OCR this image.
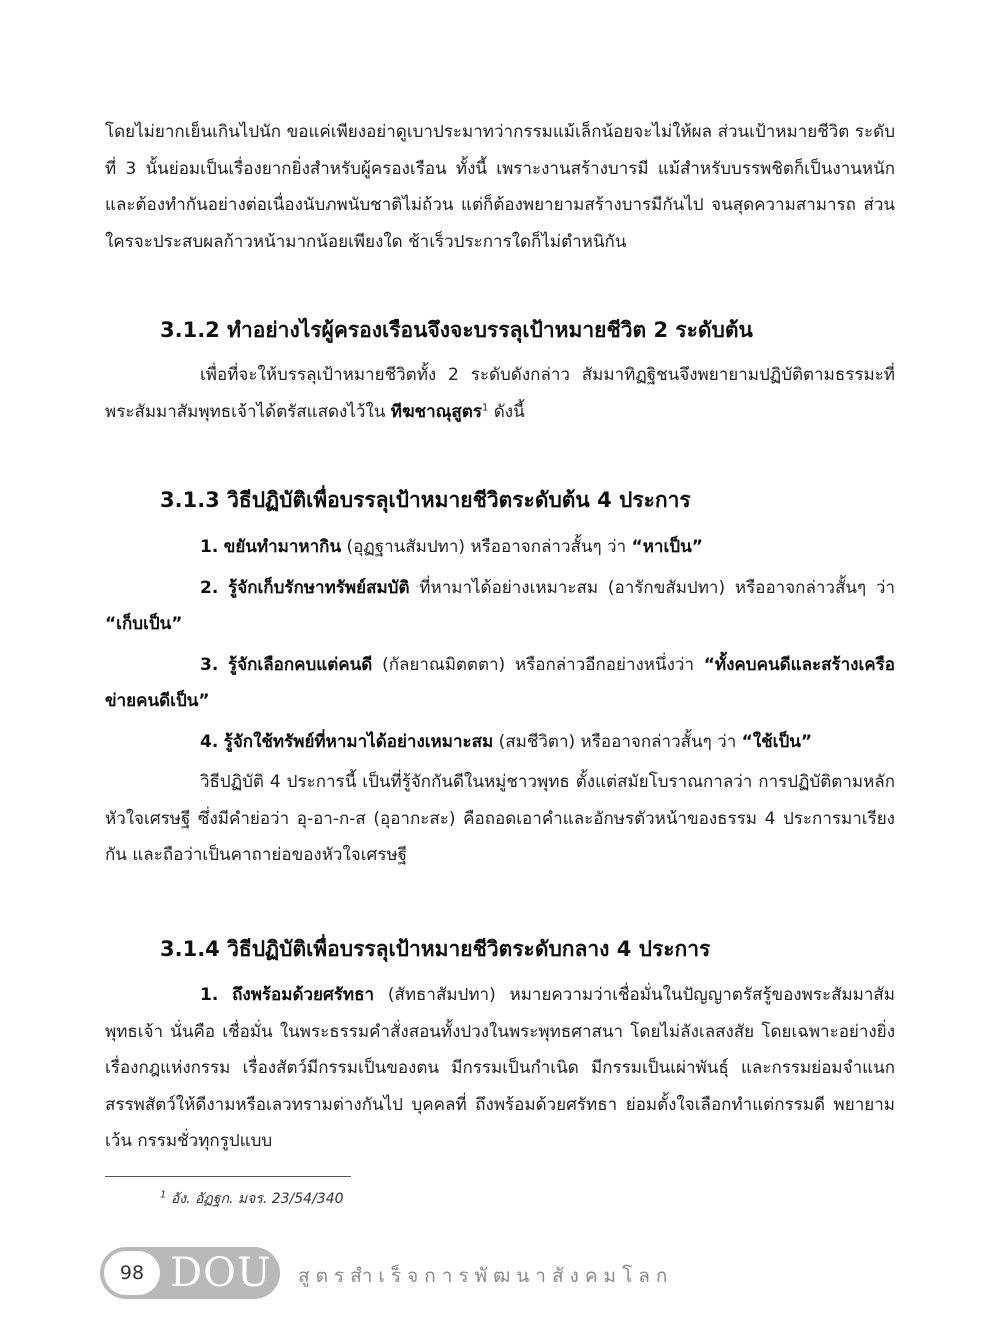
โดยไม่ยากเย็นเกินไปนัก ขอแค่เพียงอย่าดูเบาประมาทว่ากรรมแม้เล็กน้อยจะไม่ให้ผล ส่วนเป้าหมายชีวิต ระดับที่ 3 นั้นย่อมเป็นเรื่องยากยิ่งสำหรับผู้ครองเรือน ทั้งนี้ เพราะงานสร้างบารมี แม้สำหรับบรรพชิตก็เป็นงานหนัก และต้องทำกันอย่างต่อเนื่องนับภพนับชาติไม่ถ้วน แต่ก็ต้องพยายามสร้างบารมีกันไป จนสุดความสามารถ ส่วนใครจะประสบผลก้าวหน้ามากน้อยเพียงใด ช้าเร็วประการใดก็ไม่ตำหนิกัน

3.1.2 ทำอย่างไรผู้ครองเรือนจึงจะบรรลุเป้าหมายชีวิต 2 ระดับต้น

เพื่อที่จะให้บรรลุเป้าหมายชีวิตทั้ง 2 ระดับดังกล่าว สัมมาทิฏฐิชนจึงพยายามปฏิบัติตามธรรมะที่พระสัมมาสัมพุทธเจ้าได้ตรัสแสดงไว้ใน ทีฆชาณุสูตร$^1$ ดังนี้

3.1.3 วิธีปฏิบัติเพื่อบรรลุเป้าหมายชีวิตระดับต้น 4 ประการ

1. ขยันทำมาหากิน (อุฏฐานสัมปทา) หรืออาจกล่าวสั้นๆ ว่า “หาเป็น”

2. รู้จักเก็บรักษาทรัพย์สมบัติ ที่หามาได้อย่างเหมาะสม (อารักขสัมปทา) หรืออาจกล่าวสั้นๆ ว่า “เก็บเป็น”

3. รู้จักเลือกคบแต่คนดี (กัลยาณมิตตตา) หรือกล่าวอีกอย่างหนึ่งว่า “ทั้งคบคนดีและสร้างเครือข่ายคนดีเป็น”

4. รู้จักใช้ทรัพย์ที่หามาได้อย่างเหมาะสม (สมชีวิตา) หรืออาจกล่าวสั้นๆ ว่า “ใช้เป็น”

วิธีปฏิบัติ 4 ประการนี้ เป็นที่รู้จักกันดีในหมู่ชาวพุทธ ตั้งแต่สมัยโบราณกาลว่า การปฏิบัติตามหลักหัวใจเศรษฐี ซึ่งมีคำย่อว่า อุ-อา-ก-ส (อุอากะสะ) คือถอดเอาคำและอักษรตัวหน้าของธรรม 4 ประการมาเรียงกัน และถือว่าเป็นคาถาย่อของหัวใจเศรษฐี

3.1.4 วิธีปฏิบัติเพื่อบรรลุเป้าหมายชีวิตระดับกลาง 4 ประการ

1. ถึงพร้อมด้วยศรัทธา (สัทธาสัมปทา) หมายความว่าเชื่อมั่นในปัญญาตรัสรู้ของพระสัมมาสัมพุทธเจ้า นั่นคือ เชื่อมั่น ในพระธรรมคำสั่งสอนทั้งปวงในพระพุทธศาสนา โดยไม่ลังเลสงสัย โดยเฉพาะอย่างยิ่งเรื่องกฎแห่งกรรม เรื่องสัตว์มีกรรมเป็นของตน มีกรรมเป็นกำเนิด มีกรรมเป็นเผ่าพันธุ์ และกรรมย่อมจำแนกสรรพสัตว์ให้ดีงามหรือเลวทรามต่างกันไป บุคคลที่ ถึงพร้อมด้วยศรัทธา ย่อมตั้งใจเลือกทำแต่กรรมดี พยายามเว้น กรรมชั่วทุกรูปแบบ

$^1$ อัง. อัฏฐก. มจร. 23/54/340
98 DOU สูตรสำเร็จการพัฒนาสังคมโลก
